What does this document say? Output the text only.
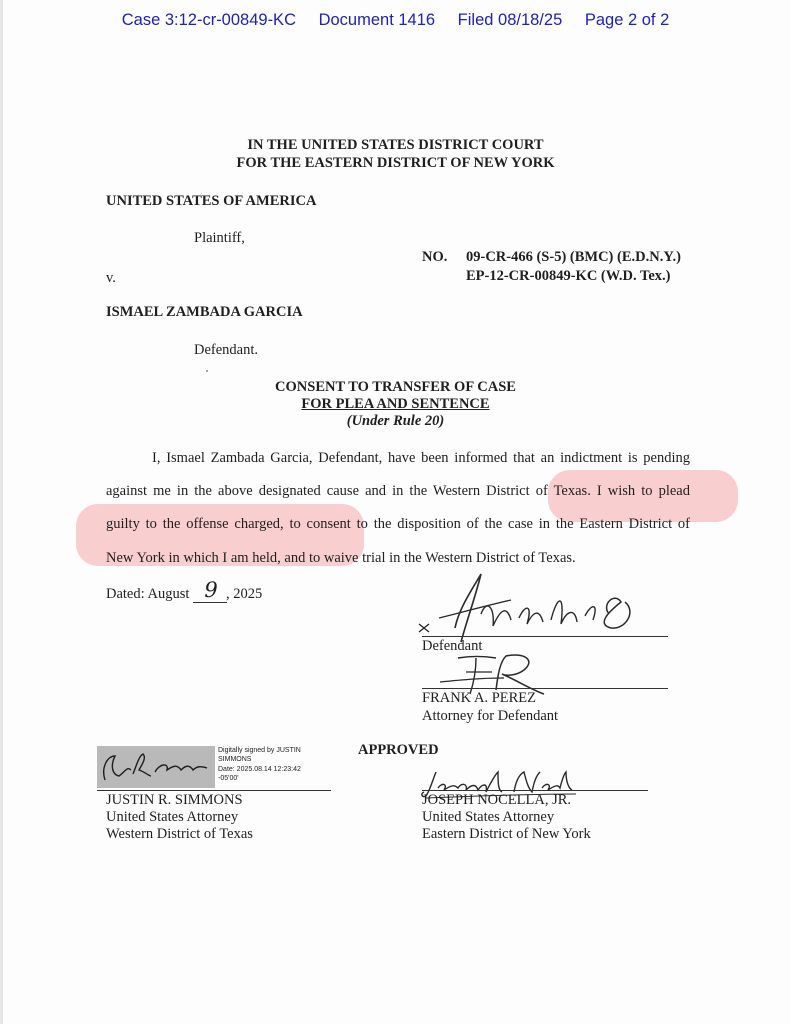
Case 3:12-cr-00849-KC Document 1416 Filed 08/18/25 Page 2 of 2
IN THE UNITED STATES DISTRICT COURT
FOR THE EASTERN DISTRICT OF NEW YORK
UNITED STATES OF AMERICA
Plaintiff,
v.
NO. 09-CR-466 (S-5) (BMC) (E.D.N.Y.)
EP-12-CR-00849-KC (W.D. Tex.)
ISMAEL ZAMBADA GARCIA
Defendant.
CONSENT TO TRANSFER OF CASE
FOR PLEA AND SENTENCE
(Under Rule 20)
I, Ismael Zambada Garcia, Defendant, have been informed that an indictment is pending
against me in the above designated cause and in the Western District of Texas. I wish to plead
guilty to the offense charged, to consent to the disposition of the case in the Eastern District of
New York in which I am held, and to waive trial in the Western District of Texas.
Dated: August 9 , 2025
Defendant
FRANK A. PEREZ
Attorney for Defendant
APPROVED
Digitally signed by JUSTIN
SIMMONS
Date: 2025.08.14 12:23:42
-05'00'
JUSTIN R. SIMMONS
United States Attorney
Western District of Texas
JOSEPH NOCELLA, JR.
United States Attorney
Eastern District of New York
